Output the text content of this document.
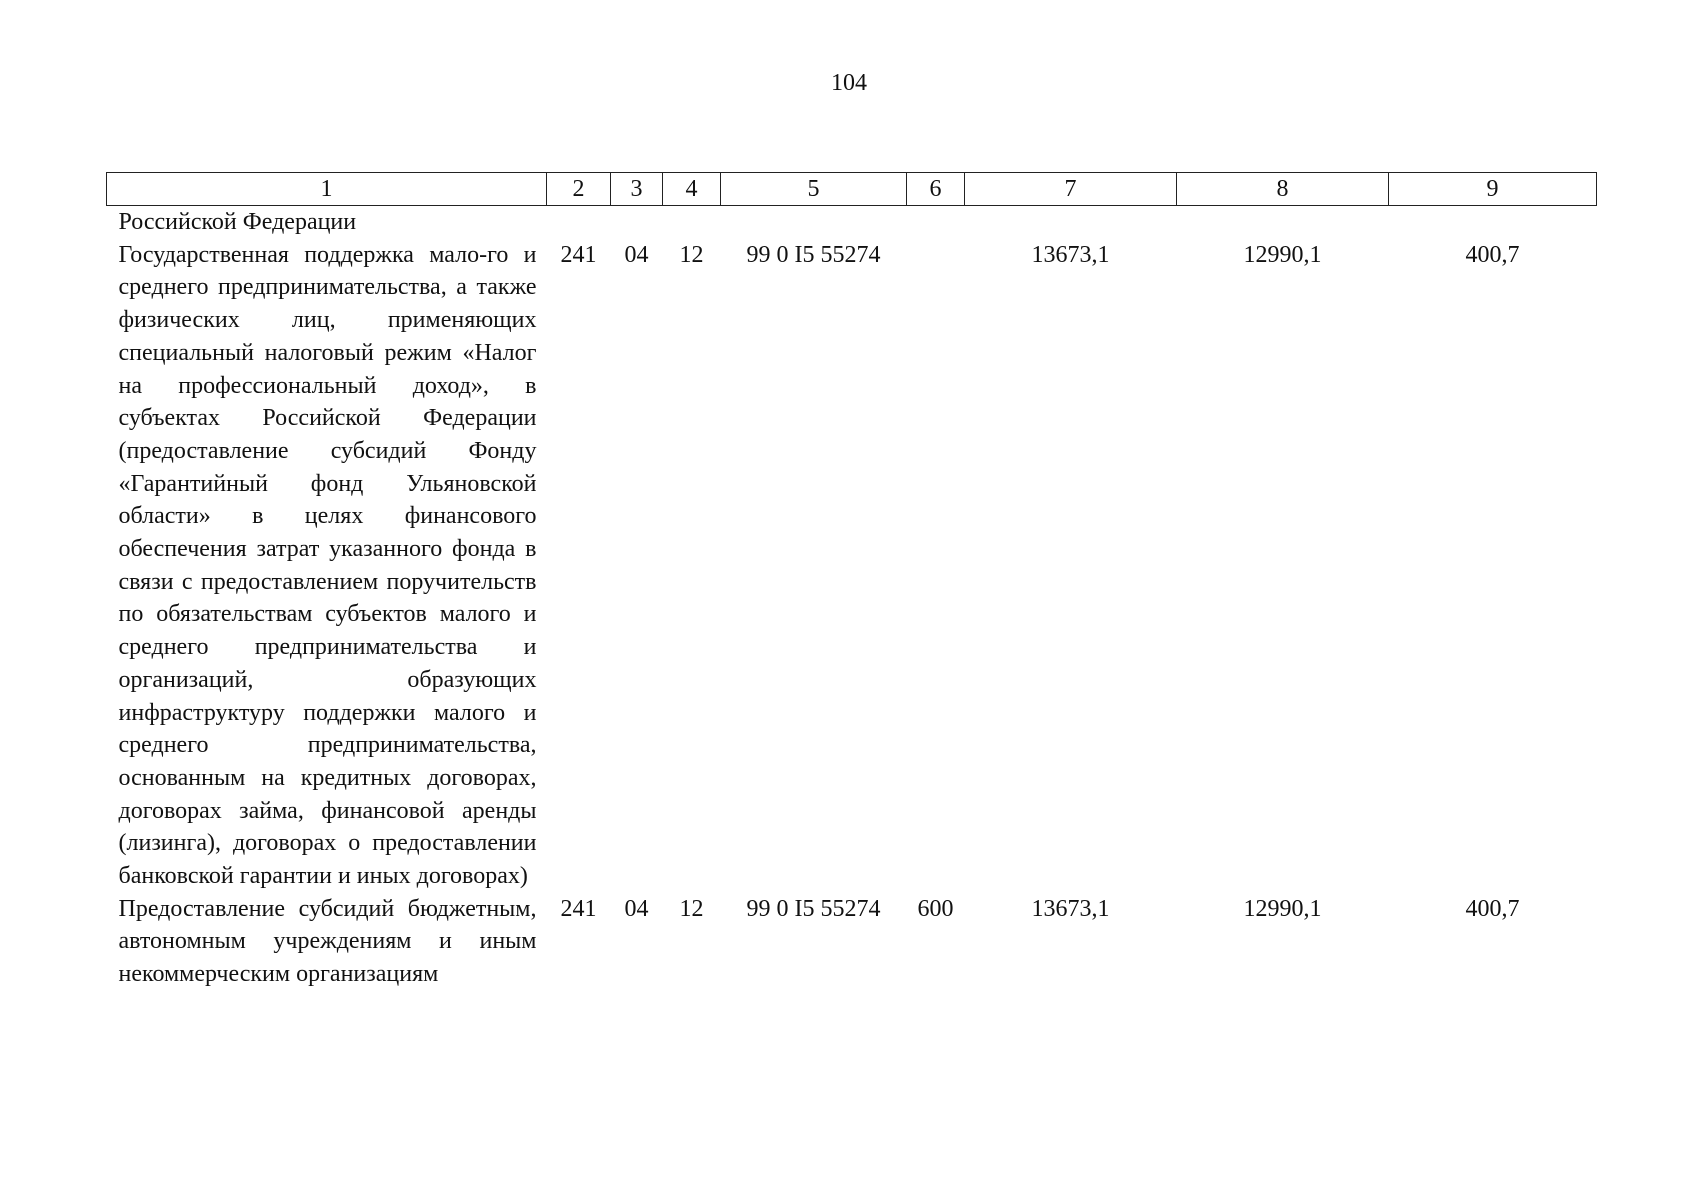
104
1	2	3	4	5	6	7	8	9
Российской Федерации								
Государственная поддержка мало-го и среднего предпринимательства, а также физических лиц, применяющих специальный налоговый режим «Налог на профессиональный доход», в субъектах Российской Федерации (предоставление субсидий Фонду «Гарантийный фонд Ульяновской области» в целях финансового обеспечения затрат указанного фонда в связи с предоставлением поручительств по обязательствам субъектов малого и среднего предпринимательства и организаций, образующих инфраструктуру поддержки малого и среднего предпринимательства, основанным на кредитных договорах, договорах займа, финансовой аренды (лизинга), договорах о предоставлении банковской гарантии и иных договорах)	241	04	12	99 0 I5 55274		13673,1	12990,1	400,7
Предоставление субсидий бюджетным, автономным учреждениям и иным некоммерческим организациям	241	04	12	99 0 I5 55274	600	13673,1	12990,1	400,7
